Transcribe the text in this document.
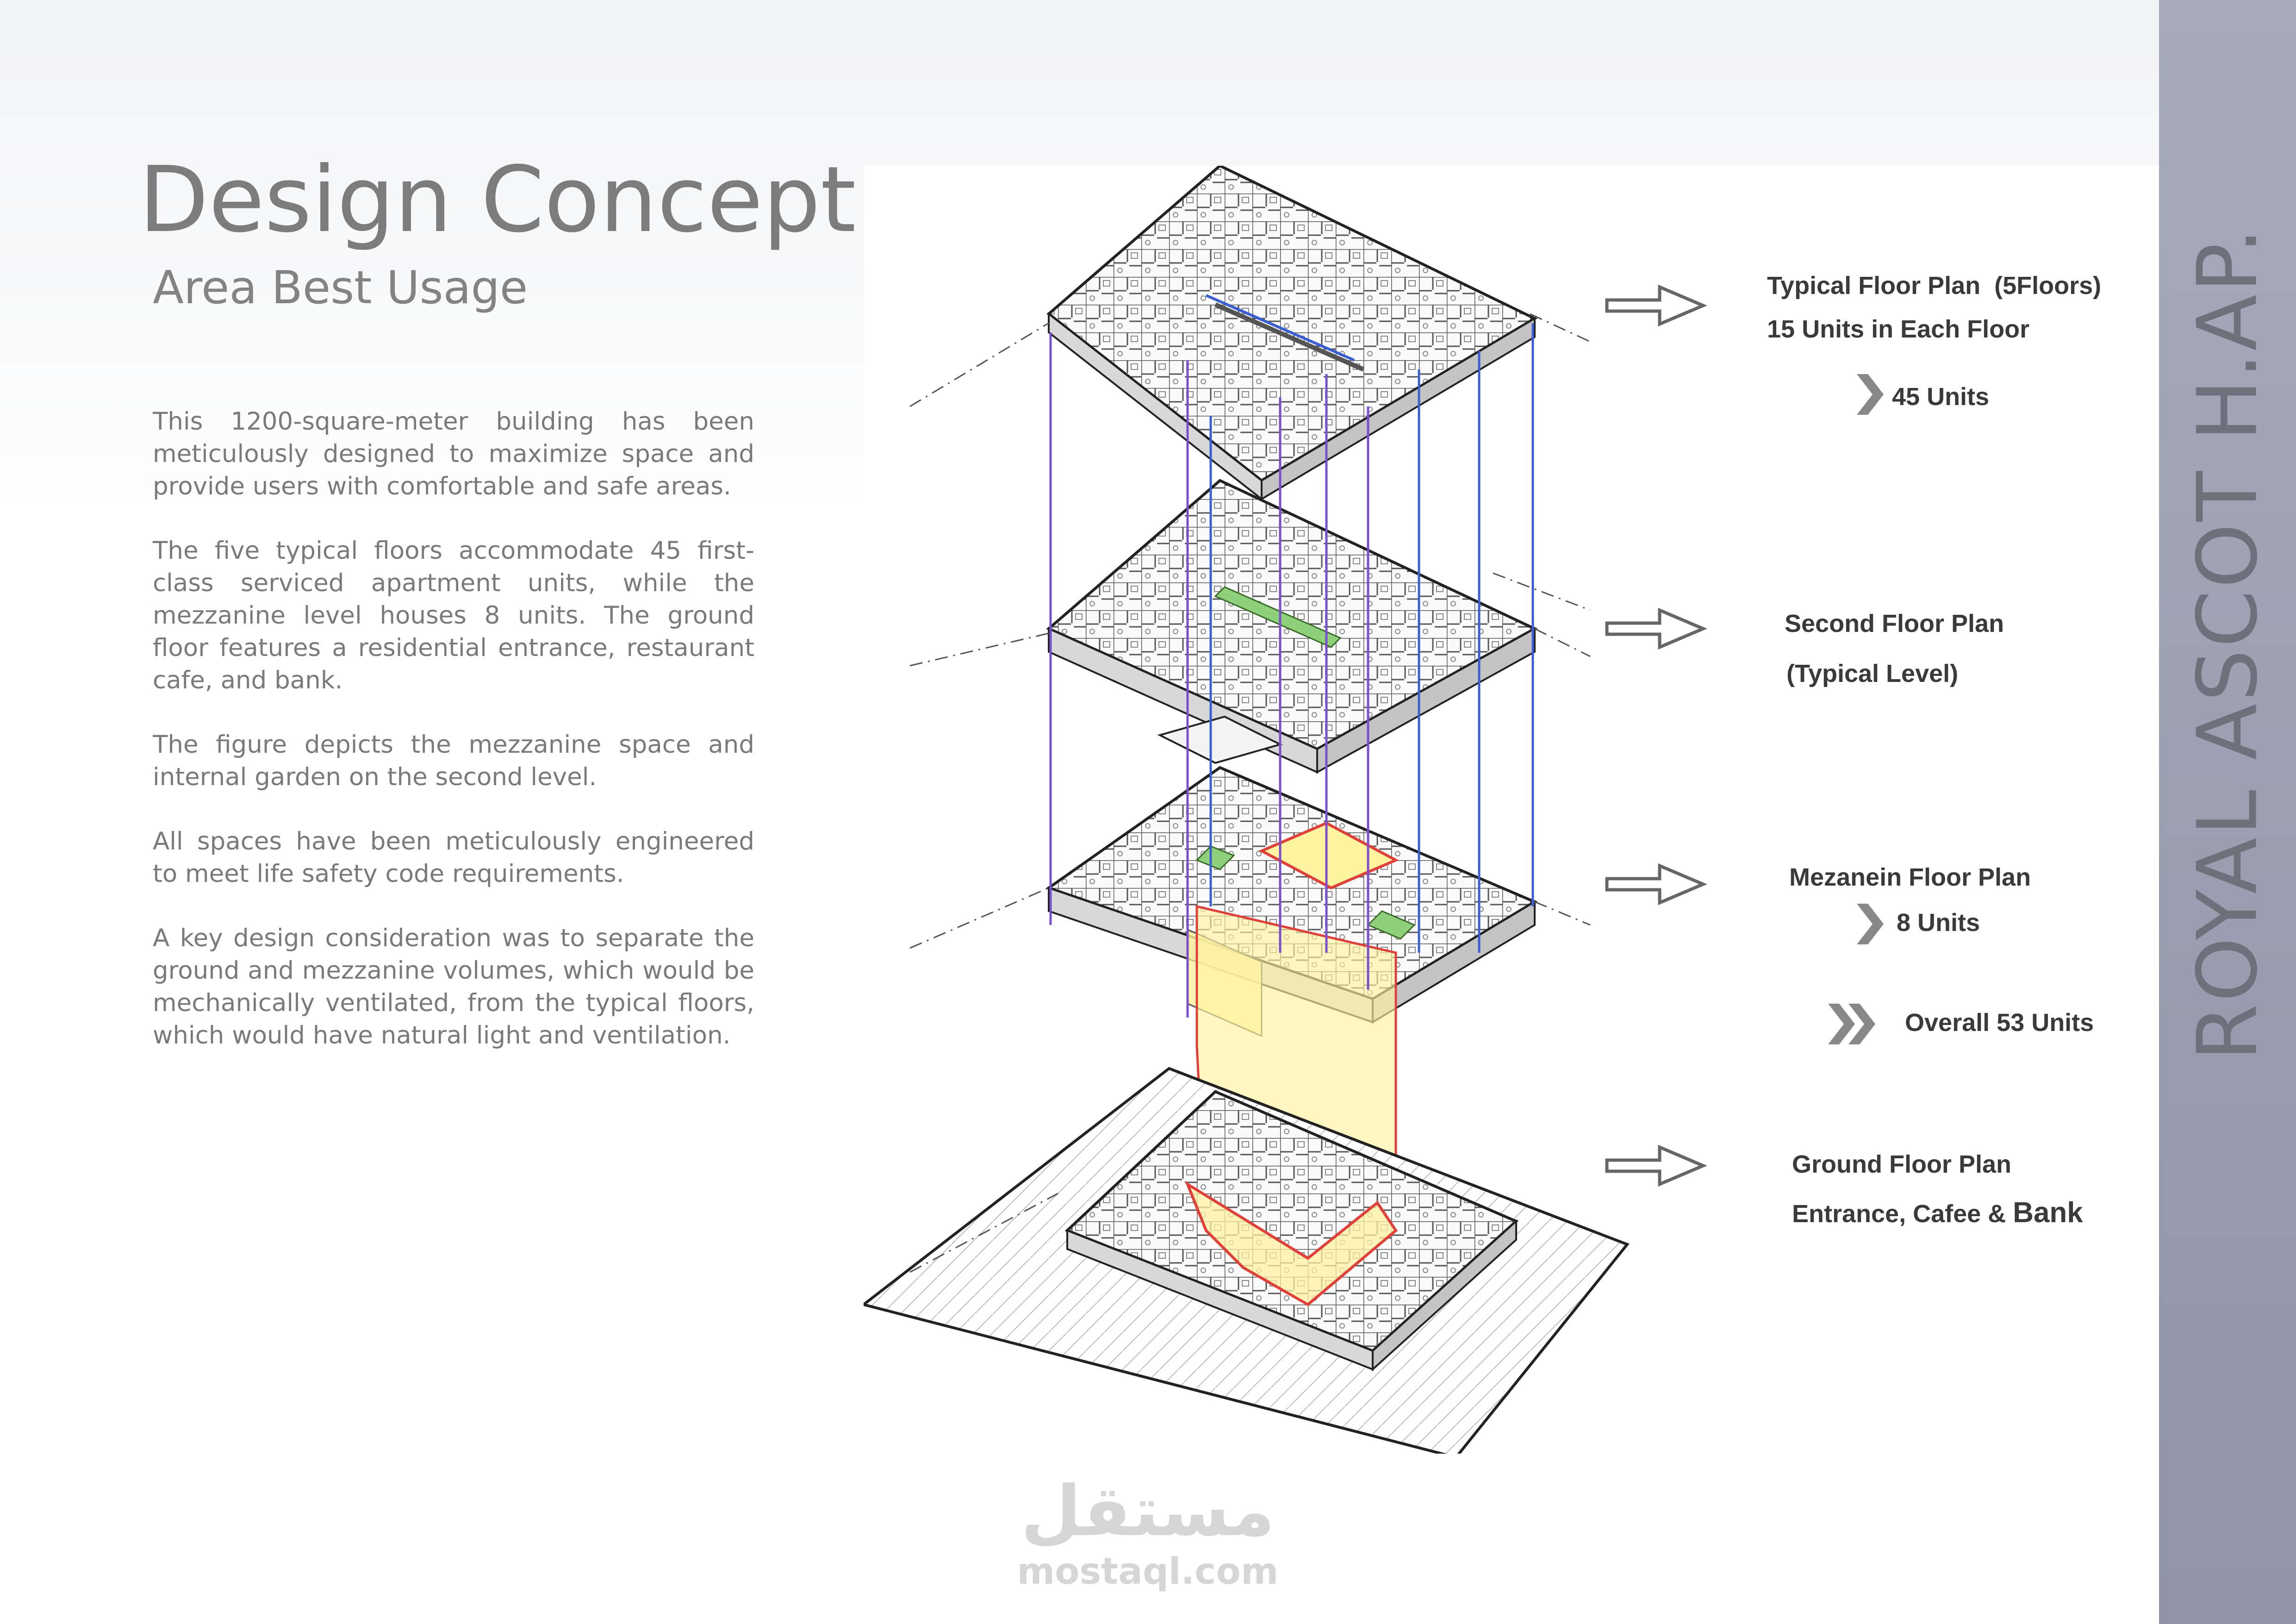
ROYAL ASCOT H.AP.
Design Concept
Area Best Usage

This 1200-square-meter building has been meticulously designed to maximize space and provide users with comfortable and safe areas.

The five typical floors accommodate 45 first-class serviced apartment units, while the mezzanine level houses 8 units. The ground floor features a residential entrance, restaurant cafe, and bank.

The figure depicts the mezzanine space and internal garden on the second level.

All spaces have been meticulously engineered to meet life safety code requirements.

A key design consideration was to separate the ground and mezzanine volumes, which would be mechanically ventilated, from the typical floors, which would have natural light and ventilation.

Typical Floor Plan  (5Floors)
15 Units in Each Floor
45 Units
Second Floor Plan
(Typical Level)
Mezanein Floor Plan
8 Units
Overall 53 Units
Ground Floor Plan
Entrance, Cafee & Bank
مستقل
mostaql.com
